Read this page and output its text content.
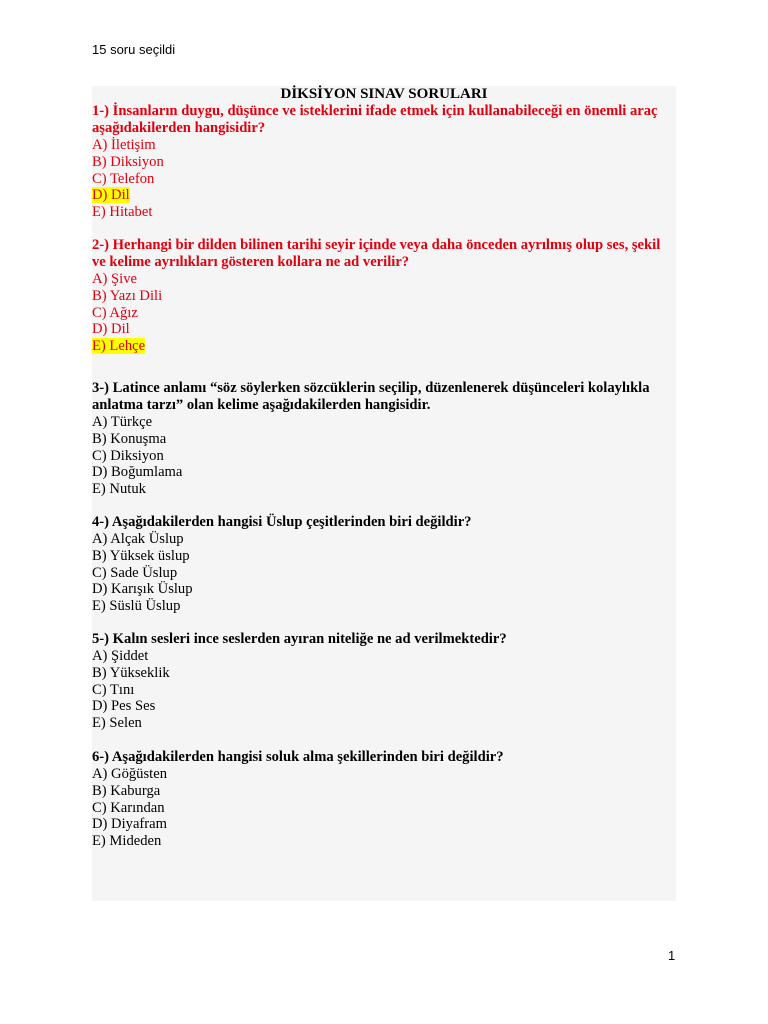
15 soru seçildi
DİKSİYON SINAV SORULARI
1-) İnsanların duygu, düşünce ve isteklerini ifade etmek için kullanabileceği en önemli araç aşağıdakilerden hangisidir?
A) İletişim
B) Diksiyon
C) Telefon
D) Dil
E) Hitabet
2-) Herhangi bir dilden bilinen tarihi seyir içinde veya daha önceden ayrılmış olup ses, şekil ve kelime ayrılıkları gösteren kollara ne ad verilir?
A) Şive
B) Yazı Dili
C) Ağız
D) Dil
E) Lehçe
3-) Latince anlamı “söz söylerken sözcüklerin seçilip, düzenlenerek düşünceleri kolaylıkla anlatma tarzı” olan kelime aşağıdakilerden hangisidir.
A) Türkçe
B) Konuşma
C) Diksiyon
D) Boğumlama
E) Nutuk
4-) Aşağıdakilerden hangisi Üslup çeşitlerinden biri değildir?
A) Alçak Üslup
B) Yüksek üslup
C) Sade Üslup
D) Karışık Üslup
E) Süslü Üslup
5-) Kalın sesleri ince seslerden ayıran niteliğe ne ad verilmektedir?
A) Şiddet
B) Yükseklik
C) Tını
D) Pes Ses
E) Selen
6-) Aşağıdakilerden hangisi soluk alma şekillerinden biri değildir?
A) Göğüsten
B) Kaburga
C) Karından
D) Diyafram
E) Mideden
1
